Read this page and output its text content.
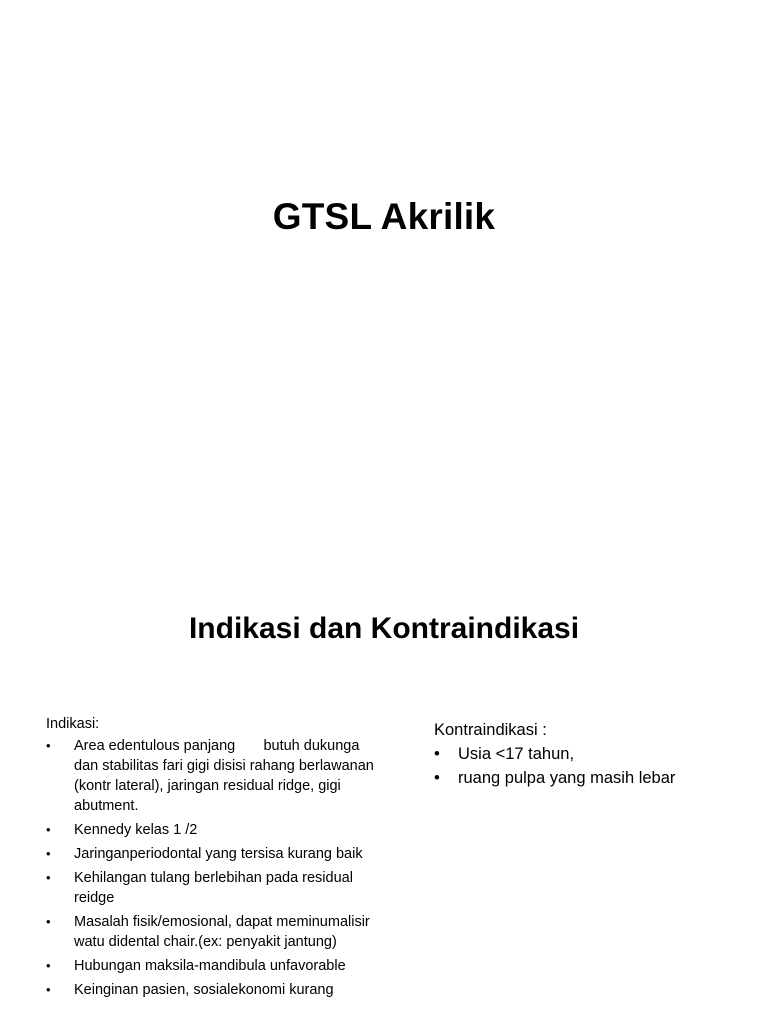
GTSL Akrilik
Indikasi dan Kontraindikasi
Indikasi:
• Area edentulous panjang       butuh dukunga dan stabilitas fari gigi disisi rahang berlawanan (kontr lateral), jaringan residual ridge, gigi abutment.
• Kennedy kelas 1 /2
• Jaringanperiodontal yang tersisa kurang baik
• Kehilangan tulang berlebihan pada residual reidge
• Masalah fisik/emosional, dapat meminumalisir watu didental chair.(ex: penyakit jantung)
• Hubungan maksila-mandibula unfavorable
• Keinginan pasien, sosialekonomi kurang
Kontraindikasi :
• Usia <17 tahun,
• ruang pulpa yang masih lebar
